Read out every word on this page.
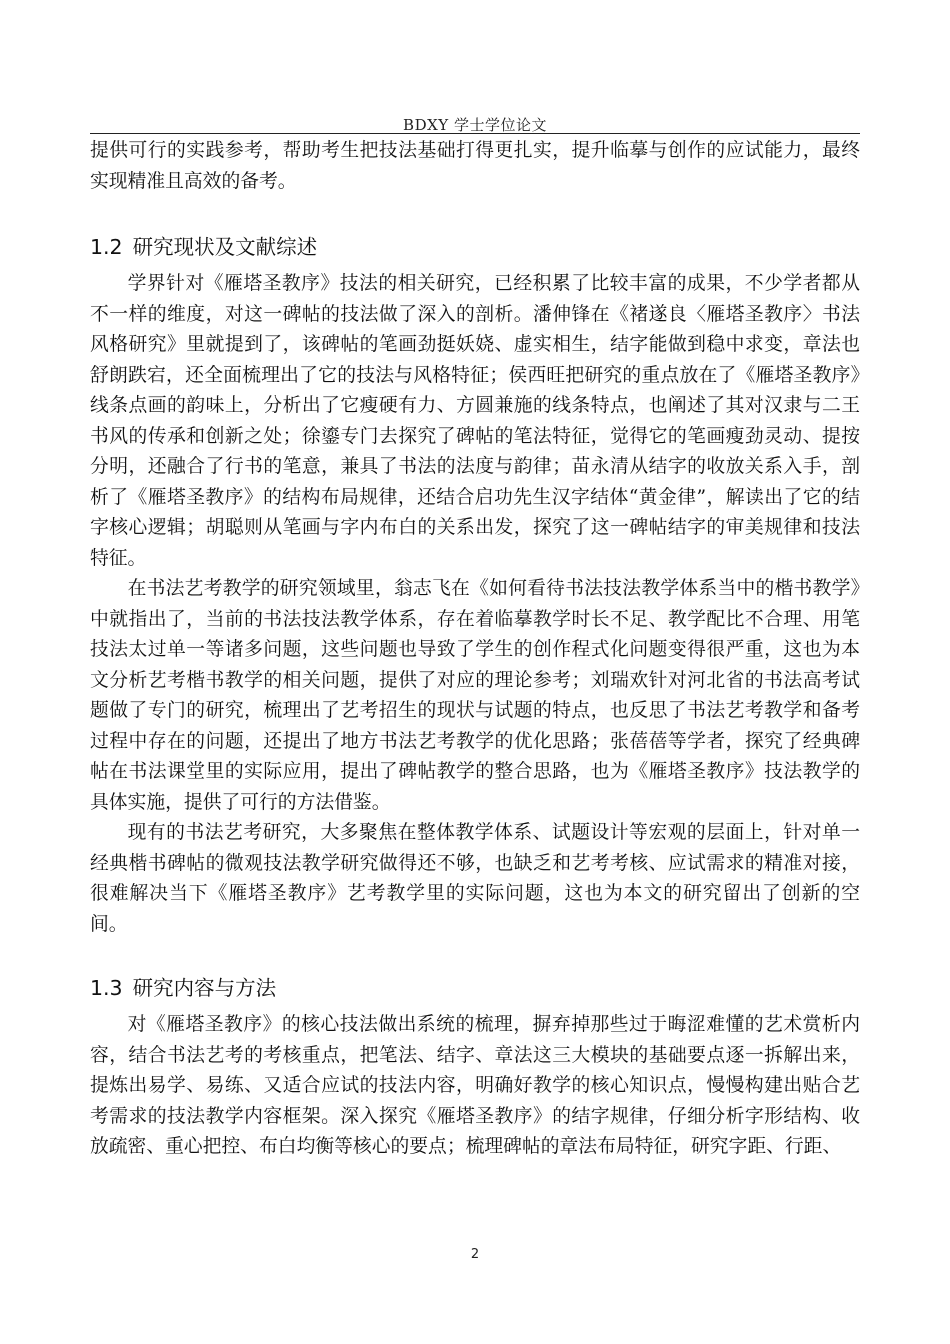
BDXY 学士学位论文

提供可行的实践参考，帮助考生把技法基础打得更扎实，提升临摹与创作的应试能力，最终实现精准且高效的备考。

1.2 研究现状及文献综述

学界针对《雁塔圣教序》技法的相关研究，已经积累了比较丰富的成果，不少学者都从不一样的维度，对这一碑帖的技法做了深入的剖析。潘伸锋在《褚遂良〈雁塔圣教序〉书法风格研究》里就提到了，该碑帖的笔画劲挺妖娆、虚实相生，结字能做到稳中求变，章法也舒朗跌宕，还全面梳理出了它的技法与风格特征；侯西旺把研究的重点放在了《雁塔圣教序》线条点画的韵味上，分析出了它瘦硬有力、方圆兼施的线条特点，也阐述了其对汉隶与二王书风的传承和创新之处；徐鎏专门去探究了碑帖的笔法特征，觉得它的笔画瘦劲灵动、提按分明，还融合了行书的笔意，兼具了书法的法度与韵律；苗永清从结字的收放关系入手，剖析了《雁塔圣教序》的结构布局规律，还结合启功先生汉字结体“黄金律”，解读出了它的结字核心逻辑；胡聪则从笔画与字内布白的关系出发，探究了这一碑帖结字的审美规律和技法特征。

在书法艺考教学的研究领域里，翁志飞在《如何看待书法技法教学体系当中的楷书教学》中就指出了，当前的书法技法教学体系，存在着临摹教学时长不足、教学配比不合理、用笔技法太过单一等诸多问题，这些问题也导致了学生的创作程式化问题变得很严重，这也为本文分析艺考楷书教学的相关问题，提供了对应的理论参考；刘瑞欢针对河北省的书法高考试题做了专门的研究，梳理出了艺考招生的现状与试题的特点，也反思了书法艺考教学和备考过程中存在的问题，还提出了地方书法艺考教学的优化思路；张蓓蓓等学者，探究了经典碑帖在书法课堂里的实际应用，提出了碑帖教学的整合思路，也为《雁塔圣教序》技法教学的具体实施，提供了可行的方法借鉴。

现有的书法艺考研究，大多聚焦在整体教学体系、试题设计等宏观的层面上，针对单一经典楷书碑帖的微观技法教学研究做得还不够，也缺乏和艺考考核、应试需求的精准对接，很难解决当下《雁塔圣教序》艺考教学里的实际问题，这也为本文的研究留出了创新的空间。

1.3 研究内容与方法

对《雁塔圣教序》的核心技法做出系统的梳理，摒弃掉那些过于晦涩难懂的艺术赏析内容，结合书法艺考的考核重点，把笔法、结字、章法这三大模块的基础要点逐一拆解出来，提炼出易学、易练、又适合应试的技法内容，明确好教学的核心知识点，慢慢构建出贴合艺考需求的技法教学内容框架。深入探究《雁塔圣教序》的结字规律，仔细分析字形结构、收放疏密、重心把控、布白均衡等核心的要点；梳理碑帖的章法布局特征，研究字距、行距、

2
